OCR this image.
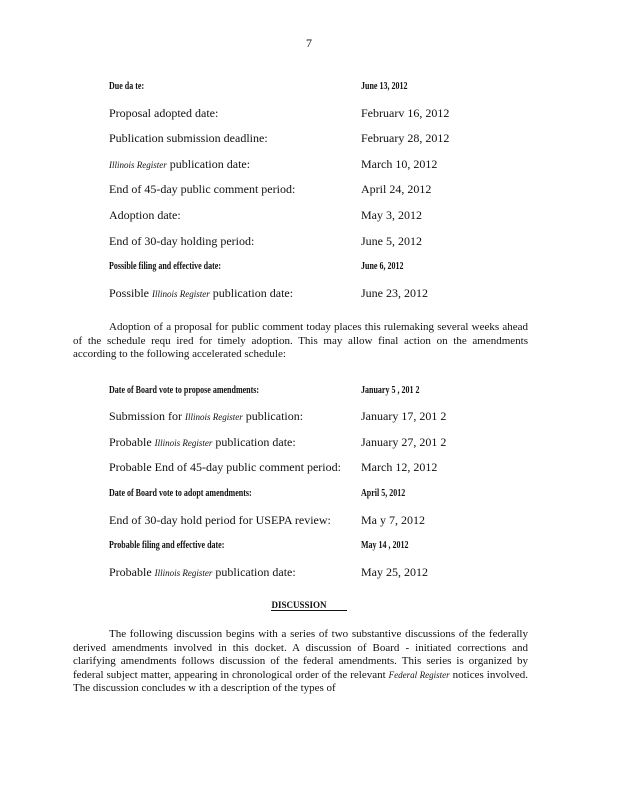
7
Due da te:	June 13, 2012
Proposal adopted date:	Februarv 16, 2012
Publication submission deadline:	February 28, 2012
Illinois Register publication date:	March 10, 2012
End of 45-day public comment period:	April 24, 2012
Adoption date:	May 3, 2012
End of 30-day holding period:	June 5, 2012
Possible filing and effective date:	June 6, 2012
Possible Illinois Register publication date:	June 23, 2012
Adoption of a proposal for public comment today places this rulemaking several weeks ahead of the schedule requ ired for timely adoption. This may allow final action on the amendments according to the following accelerated schedule:
Date of Board vote to propose amendments:	January 5 , 201 2
Submission for Illinois Register publication:	January 17, 201 2
Probable Illinois Register publication date:	January 27, 201 2
Probable End of 45-day public comment period: March 12, 2012
Date of Board vote to adopt amendments:	April 5, 2012
End of 30-day hold period for USEPA review:	Ma y 7, 2012
Probable filing and effective date:	May 14 , 2012
Probable Illinois Register publication date:	May 25, 2012
DISCUSSION
The following discussion begins with a series of two substantive discussions of the federally derived amendments involved in this docket. A discussion of Board - initiated corrections and clarifying amendments follows discussion of the federal amendments. This series is organized by federal subject matter, appearing in chronological order of the relevant Federal Register notices involved. The discussion concludes w ith a description of the types of
